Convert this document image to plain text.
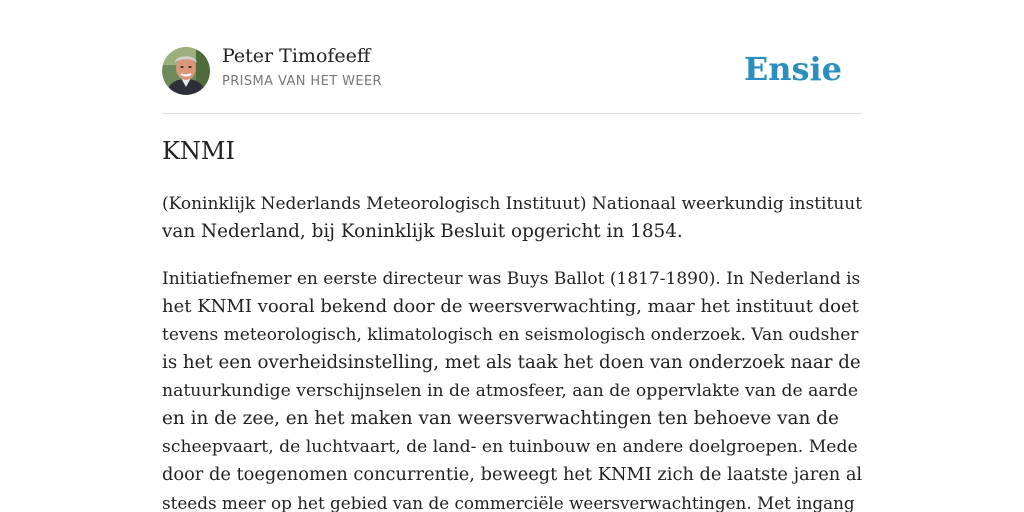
Peter Timofeeff
PRISMA VAN HET WEER	Ensie
KNMI

(Koninklijk Nederlands Meteorologisch Instituut) Nationaal weerkundig instituut
van Nederland, bij Koninklijk Besluit opgericht in 1854.

Initiatiefnemer en eerste directeur was Buys Ballot (1817-1890). In Nederland is
het KNMI vooral bekend door de weersverwachting, maar het instituut doet
tevens meteorologisch, klimatologisch en seismologisch onderzoek. Van oudsher
is het een overheidsinstelling, met als taak het doen van onderzoek naar de
natuurkundige verschijnselen in de atmosfeer, aan de oppervlakte van de aarde
en in de zee, en het maken van weersverwachtingen ten behoeve van de
scheepvaart, de luchtvaart, de land- en tuinbouw en andere doelgroepen. Mede
door de toegenomen concurrentie, beweegt het KNMI zich de laatste jaren al
steeds meer op het gebied van de commerciële weersverwachtingen. Met ingang
